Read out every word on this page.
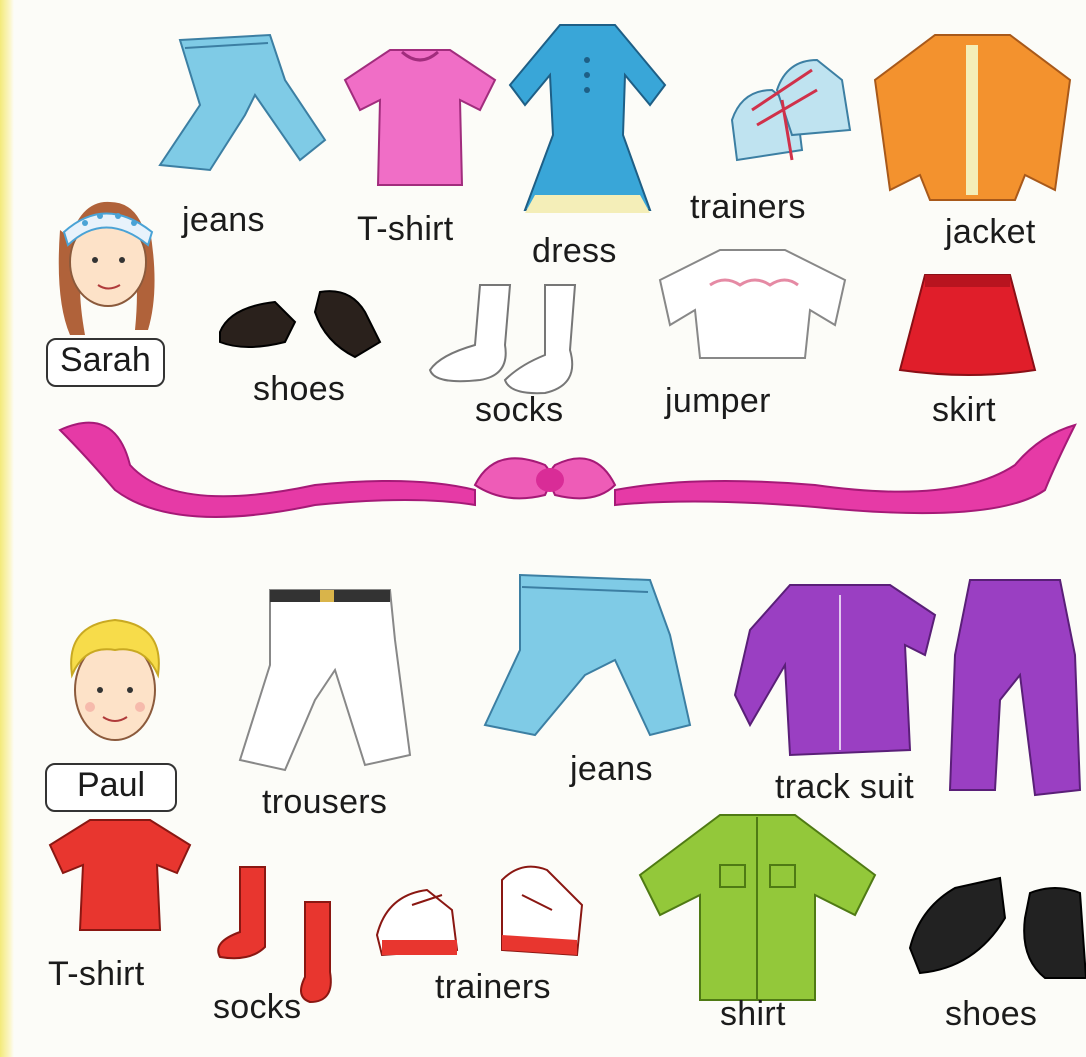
Sarah
jeans	T-shirt
dress
trainers
jacket
shoes
socks	jumper	skirt
Paul	trousers
jeans	track suit
T-shirt
socks
trainers
shirt	shoes
